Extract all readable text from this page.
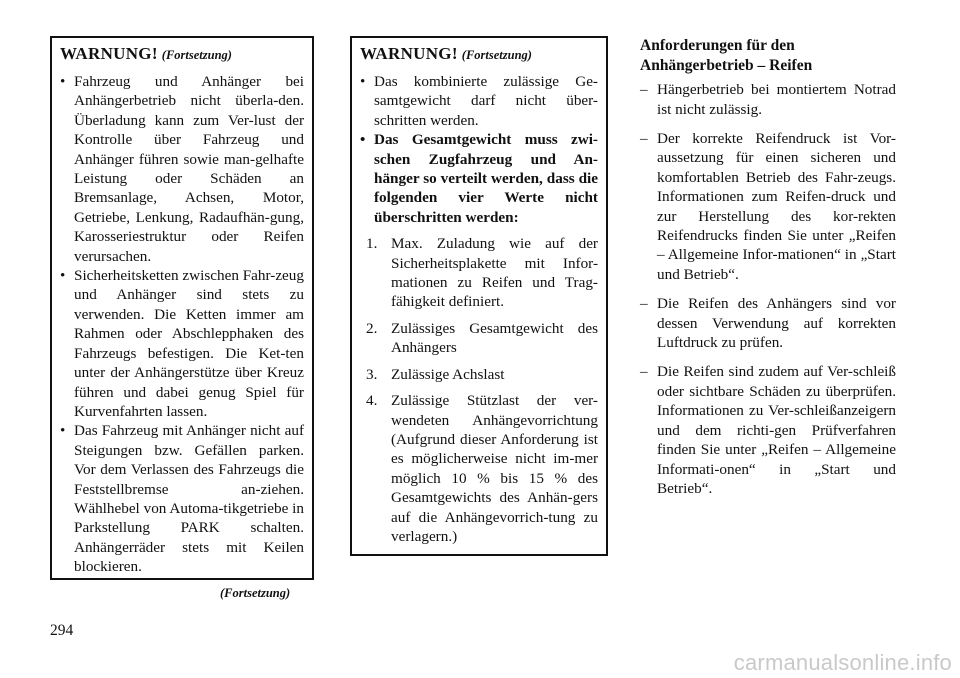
WARNUNG! (Fortsetzung)
• Fahrzeug und Anhänger bei Anhängerbetrieb nicht überla-den. Überladung kann zum Ver-lust der Kontrolle über Fahrzeug und Anhänger führen sowie man-gelhafte Leistung oder Schäden an Bremsanlage, Achsen, Motor, Getriebe, Lenkung, Radaufhän-gung, Karosseriestruktur oder Reifen verursachen.
• Sicherheitsketten zwischen Fahr-zeug und Anhänger sind stets zu verwenden. Die Ketten immer am Rahmen oder Abschlepphaken des Fahrzeugs befestigen. Die Ket-ten unter der Anhängerstütze über Kreuz führen und dabei genug Spiel für Kurvenfahrten lassen.
• Das Fahrzeug mit Anhänger nicht auf Steigungen bzw. Gefällen parken. Vor dem Verlassen des Fahrzeugs die Feststellbremse an-ziehen. Wählhebel von Automa-tikgetriebe in Parkstellung PARK schalten. Anhängerräder stets mit Keilen blockieren.
(Fortsetzung)
WARNUNG! (Fortsetzung)
• Das kombinierte zulässige Ge-samtgewicht darf nicht über-schritten werden.
• Das Gesamtgewicht muss zwi-schen Zugfahrzeug und An-hänger so verteilt werden, dass die folgenden vier Werte nicht überschritten werden:
1. Max. Zuladung wie auf der Sicherheitsplakette mit Infor-mationen zu Reifen und Trag-fähigkeit definiert.
2. Zulässiges Gesamtgewicht des Anhängers
3. Zulässige Achslast
4. Zulässige Stützlast der ver-wendeten Anhängevorrichtung (Aufgrund dieser Anforderung ist es möglicherweise nicht im-mer möglich 10 % bis 15 % des Gesamtgewichts des Anhän-gers auf die Anhängevorrich-tung zu verlagern.)
Anforderungen für den Anhängerbetrieb – Reifen
– Hängerbetrieb bei montiertem Notrad ist nicht zulässig.
– Der korrekte Reifendruck ist Vor-aussetzung für einen sicheren und komfortablen Betrieb des Fahr-zeugs. Informationen zum Reifen-druck und zur Herstellung des kor-rekten Reifendrucks finden Sie unter „Reifen – Allgemeine Infor-mationen“ in „Start und Betrieb“.
– Die Reifen des Anhängers sind vor dessen Verwendung auf korrekten Luftdruck zu prüfen.
– Die Reifen sind zudem auf Ver-schleiß oder sichtbare Schäden zu überprüfen. Informationen zu Ver-schleißanzeigern und dem richti-gen Prüfverfahren finden Sie unter „Reifen – Allgemeine Informati-onen“ in „Start und Betrieb“.
294
carmanualsonline.info
